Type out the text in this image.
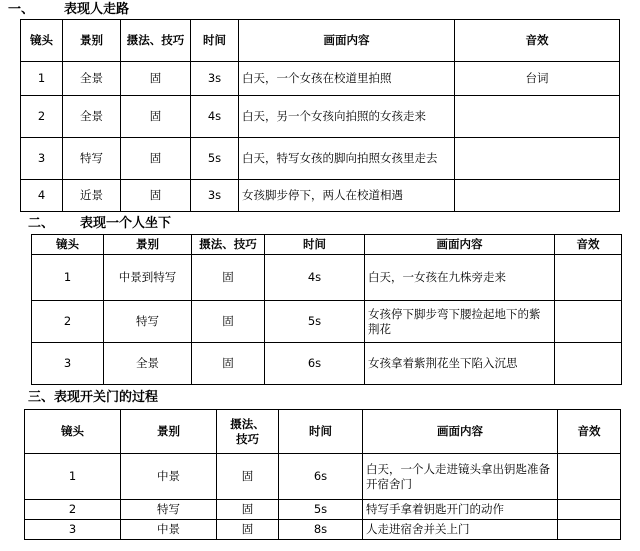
一、 表现人走路
镜头	景别	摄法、技巧	时间	画面内容	音效
1	全景	固	3s	白天，一个女孩在校道里拍照	台词
2	全景	固	4s	白天，另一个女孩向拍照的女孩走来	
3	特写	固	5s	白天，特写女孩的脚向拍照女孩里走去	
4	近景	固	3s	女孩脚步停下，两人在校道相遇	
二、 表现一个人坐下
镜头	景别	摄法、技巧	时间	画面内容	音效
1	中景到特写	固	4s	白天，一女孩在九株旁走来	
2	特写	固	5s	女孩停下脚步弯下腰捡起地下的紫荆花	
3	全景	固	6s	女孩拿着紫荆花坐下陷入沉思	
三、表现开关门的过程
镜头	景别	摄法、技巧	时间	画面内容	音效
1	中景	固	6s	白天，一个人走进镜头拿出钥匙准备开宿舍门	
2	特写	固	5s	特写手拿着钥匙开门的动作	
3	中景	固	8s	人走进宿舍并关上门	
